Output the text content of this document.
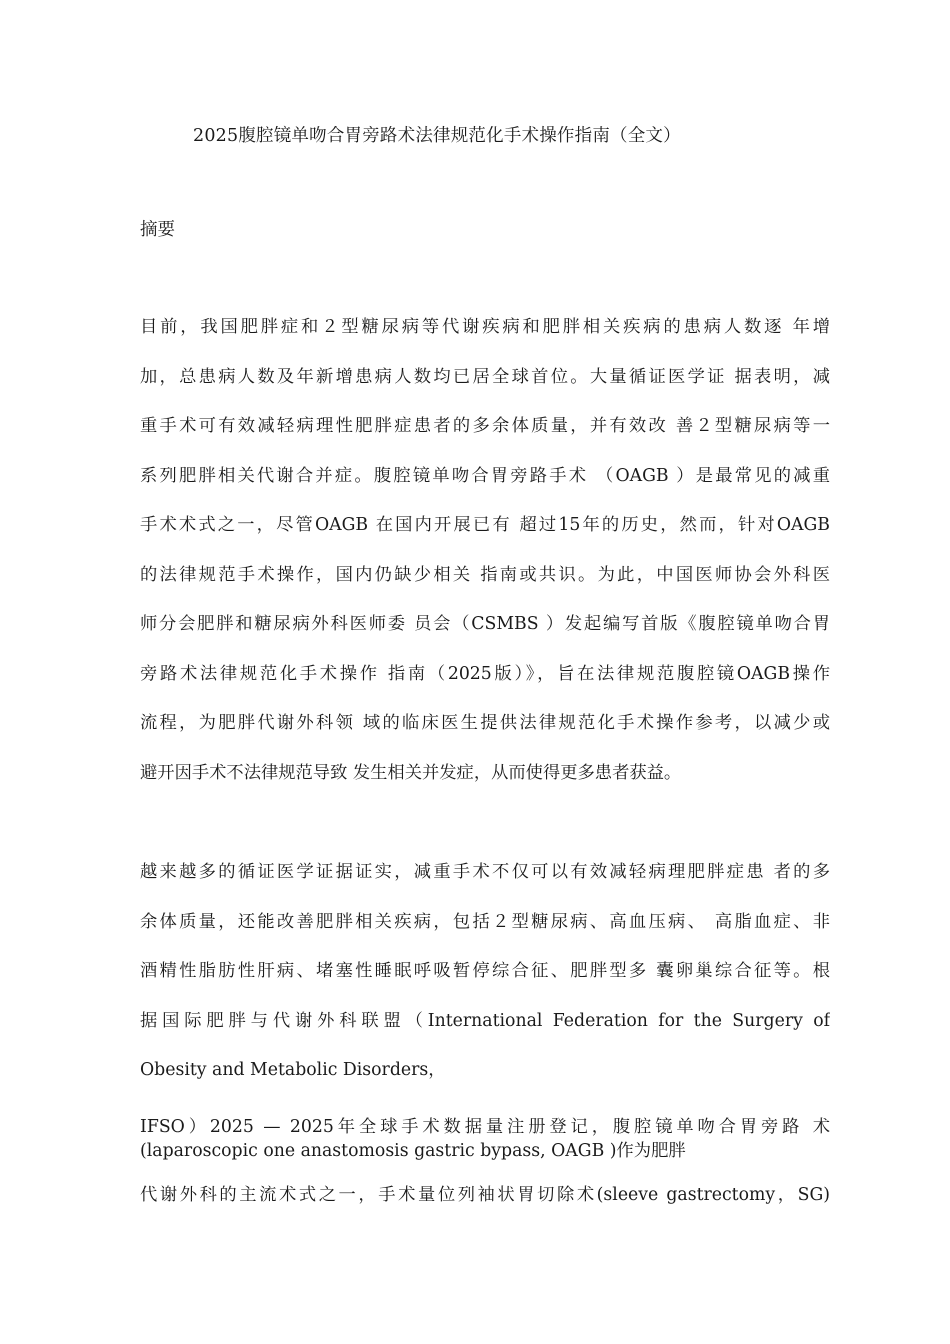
2025腹腔镜单吻合胃旁路术法律规范化手术操作指南（全文）
摘要
目前，我国肥胖症和２型糖尿病等代谢疾病和肥胖相关疾病的患病人数逐 年增
加，总患病人数及年新增患病人数均已居全球首位。大量循证医学证 据表明，减
重手术可有效减轻病理性肥胖症患者的多余体质量，并有效改 善２型糖尿病等一
系列肥胖相关代谢合并症。腹腔镜单吻合胃旁路手术 （OAGB ）是最常见的减重
手术术式之一，尽管OAGB 在国内开展已有 超过15年的历史，然而，针对OAGB
的法律规范手术操作，国内仍缺少相关 指南或共识。为此，中国医师协会外科医
师分会肥胖和糖尿病外科医师委 员会（CSMBS ）发起编写首版《腹腔镜单吻合胃
旁路术法律规范化手术操作 指南（2025版）》，旨在法律规范腹腔镜OAGB操作
流程，为肥胖代谢外科领 域的临床医生提供法律规范化手术操作参考，以减少或
避开因手术不法律规范导致 发生相关并发症，从而使得更多患者获益。
越来越多的循证医学证据证实，减重手术不仅可以有效减轻病理肥胖症患 者的多
余体质量，还能改善肥胖相关疾病，包括２型糖尿病、高血压病、 高脂血症、非
酒精性脂肪性肝病、堵塞性睡眠呼吸暂停综合征、肥胖型多 囊卵巢综合征等。根
据国际肥胖与代谢外科联盟（International Federation for the Surgery of
Obesity and Metabolic Disorders，
IFSO）2025 — 2025年全球手术数据量注册登记，腹腔镜单吻合胃旁路 术
(laparoscopic one anastomosis gastric bypass, OAGB )作为肥胖
代谢外科的主流术式之一，手术量位列袖状胃切除术(sleeve gastrectomy，SG)
